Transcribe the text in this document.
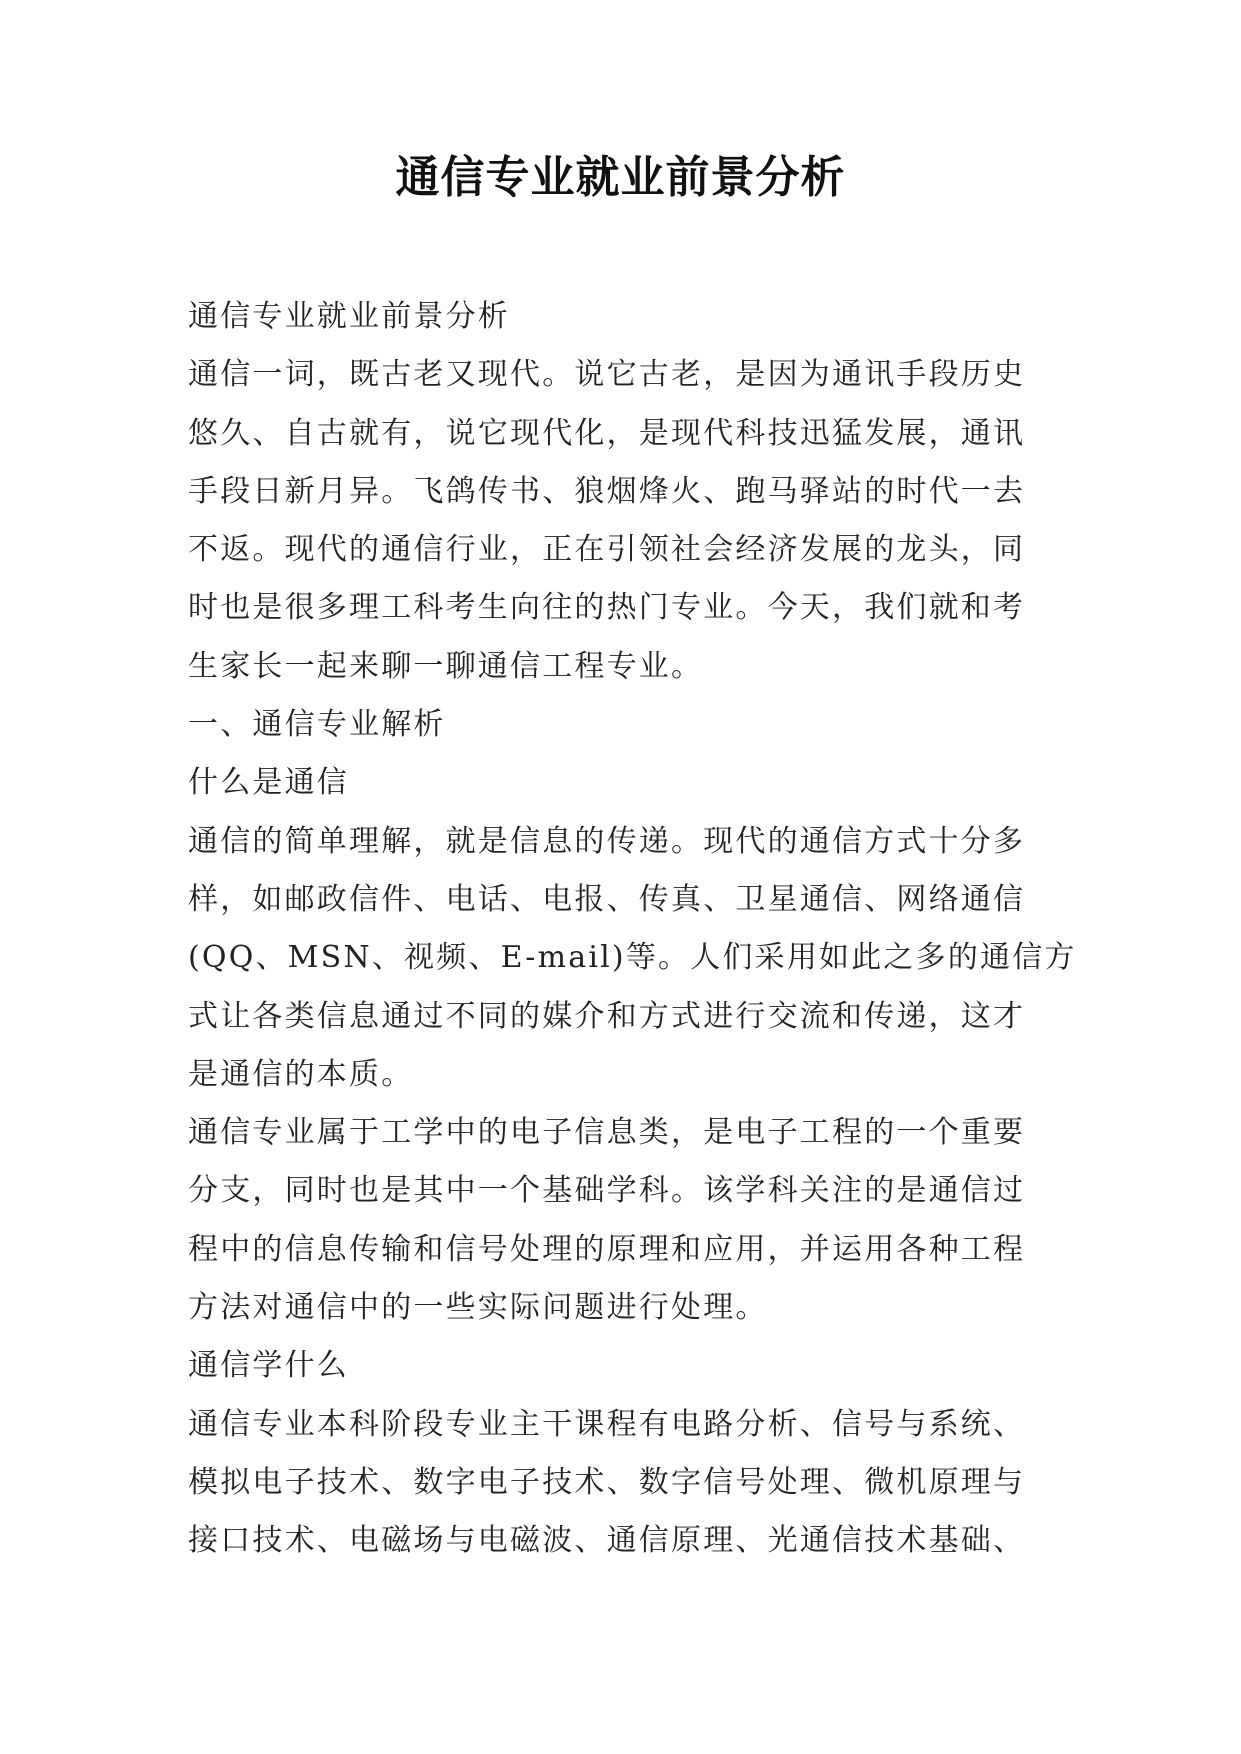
通信专业就业前景分析
通信专业就业前景分析
通信一词，既古老又现代。说它古老，是因为通讯手段历史
悠久、自古就有，说它现代化，是现代科技迅猛发展，通讯
手段日新月异。飞鸽传书、狼烟烽火、跑马驿站的时代一去
不返。现代的通信行业，正在引领社会经济发展的龙头，同
时也是很多理工科考生向往的热门专业。今天，我们就和考
生家长一起来聊一聊通信工程专业。
一、通信专业解析
什么是通信
通信的简单理解，就是信息的传递。现代的通信方式十分多
样，如邮政信件、电话、电报、传真、卫星通信、网络通信
(QQ、MSN、视频、E-mail)等。人们采用如此之多的通信方
式让各类信息通过不同的媒介和方式进行交流和传递，这才
是通信的本质。
通信专业属于工学中的电子信息类，是电子工程的一个重要
分支，同时也是其中一个基础学科。该学科关注的是通信过
程中的信息传输和信号处理的原理和应用，并运用各种工程
方法对通信中的一些实际问题进行处理。
通信学什么
通信专业本科阶段专业主干课程有电路分析、信号与系统、
模拟电子技术、数字电子技术、数字信号处理、微机原理与
接口技术、电磁场与电磁波、通信原理、光通信技术基础、
